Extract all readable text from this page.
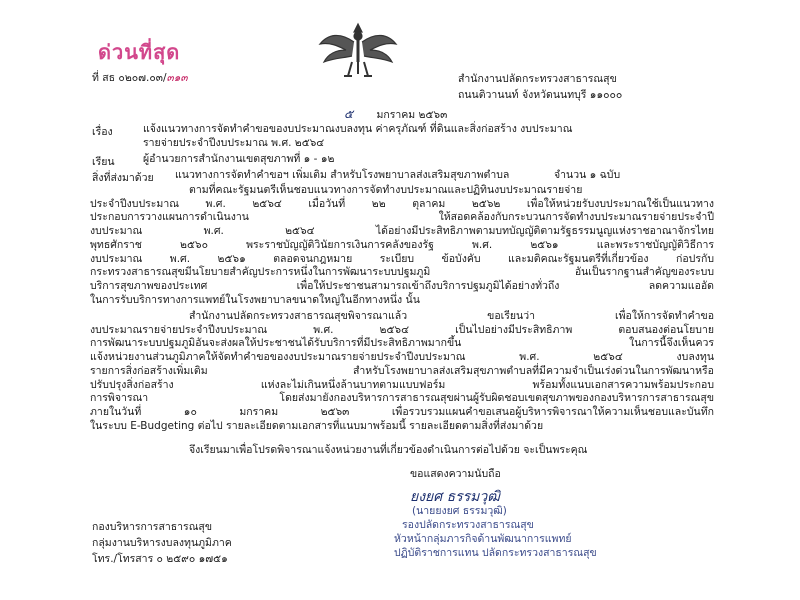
ด่วนที่สุด
ที่ สธ ๐๒๐๗.๐๓/๓๑๓	สำนักงานปลัดกระทรวงสาธารณสุข
ถนนติวานนท์ จังหวัดนนทบุรี ๑๑๐๐๐
๕ มกราคม ๒๕๖๓
เรื่อง	แจ้งแนวทางการจัดทำคำขอของบประมาณงบลงทุน ค่าครุภัณฑ์ ที่ดินและสิ่งก่อสร้าง งบประมาณ
รายจ่ายประจำปีงบประมาณ พ.ศ. ๒๕๖๔
เรียน	ผู้อำนวยการสำนักงานเขตสุขภาพที่ ๑ - ๑๒
สิ่งที่ส่งมาด้วย แนวทางการจัดทำคำขอฯ เพิ่มเติม สำหรับโรงพยาบาลส่งเสริมสุขภาพตำบล	จำนวน ๑ ฉบับ
ตามที่คณะรัฐมนตรีเห็นชอบแนวทางการจัดทำงบประมาณและปฏิทินงบประมาณรายจ่าย
ประจำปีงบประมาณ พ.ศ. ๒๕๖๔ เมื่อวันที่ ๒๒ ตุลาคม ๒๕๖๒ เพื่อให้หน่วยรับงบประมาณใช้เป็นแนวทาง
ประกอบการวางแผนการดำเนินงาน ให้สอดคล้องกับกระบวนการจัดทำงบประมาณรายจ่ายประจำปี
งบประมาณ พ.ศ. ๒๕๖๔ ได้อย่างมีประสิทธิภาพตามบทบัญญัติตามรัฐธรรมนูญแห่งราชอาณาจักรไทย
พุทธศักราช ๒๕๖๐ พระราชบัญญัติวินัยการเงินการคลังของรัฐ พ.ศ. ๒๕๖๑ และพระราชบัญญัติวิธีการ
งบประมาณ พ.ศ. ๒๕๖๑ ตลอดจนกฎหมาย ระเบียบ ข้อบังคับ และมติคณะรัฐมนตรีที่เกี่ยวข้อง ก่อปรกับ
กระทรวงสาธารณสุขมีนโยบายสำคัญประการหนึ่งในการพัฒนาระบบปฐมภูมิ อันเป็นรากฐานสำคัญของระบบ
บริการสุขภาพของประเทศ เพื่อให้ประชาชนสามารถเข้าถึงบริการปฐมภูมิได้อย่างทั่วถึง ลดความแออัด
ในการรับบริการทางการแพทย์ในโรงพยาบาลขนาดใหญ่ในอีกทางหนึ่ง นั้น
สำนักงานปลัดกระทรวงสาธารณสุขพิจารณาแล้ว ขอเรียนว่า เพื่อให้การจัดทำคำขอ
งบประมาณรายจ่ายประจำปีงบประมาณ พ.ศ. ๒๕๖๔ เป็นไปอย่างมีประสิทธิภาพ ตอบสนองต่อนโยบาย
การพัฒนาระบบปฐมภูมิอันจะส่งผลให้ประชาชนได้รับบริการที่มีประสิทธิภาพมากขึ้น ในการนี้จึงเห็นควร
แจ้งหน่วยงานส่วนภูมิภาคให้จัดทำคำขอของงบประมาณรายจ่ายประจำปีงบประมาณ พ.ศ. ๒๕๖๔ งบลงทุน
รายการสิ่งก่อสร้างเพิ่มเติม สำหรับโรงพยาบาลส่งเสริมสุขภาพตำบลที่มีความจำเป็นเร่งด่วนในการพัฒนาหรือ
ปรับปรุงสิ่งก่อสร้าง แห่งละไม่เกินหนึ่งล้านบาทตามแบบฟอร์ม พร้อมทั้งแนบเอกสารความพร้อมประกอบ
การพิจารณา โดยส่งมายังกองบริหารการสาธารณสุขผ่านผู้รับผิดชอบเขตสุขภาพของกองบริหารการสาธารณสุข
ภายในวันที่ ๑๐ มกราคม ๒๕๖๓ เพื่อรวบรวมแผนคำขอเสนอผู้บริหารพิจารณาให้ความเห็นชอบและบันทึก
ในระบบ E-Budgeting ต่อไป รายละเอียดตามเอกสารที่แนบมาพร้อมนี้ รายละเอียดตามสิ่งที่ส่งมาด้วย
จึงเรียนมาเพื่อโปรดพิจารณาแจ้งหน่วยงานที่เกี่ยวข้องดำเนินการต่อไปด้วย จะเป็นพระคุณ
ขอแสดงความนับถือ
ยงยศ ธรรมวุฒิ
(นายยงยศ ธรรมวุฒิ)
รองปลัดกระทรวงสาธารณสุข
หัวหน้ากลุ่มภารกิจด้านพัฒนาการแพทย์
ปฏิบัติราชการแทน ปลัดกระทรวงสาธารณสุข
กองบริหารการสาธารณสุข
กลุ่มงานบริหารงบลงทุนภูมิภาค
โทร./โทรสาร ๐ ๒๕๙๐ ๑๗๕๑
